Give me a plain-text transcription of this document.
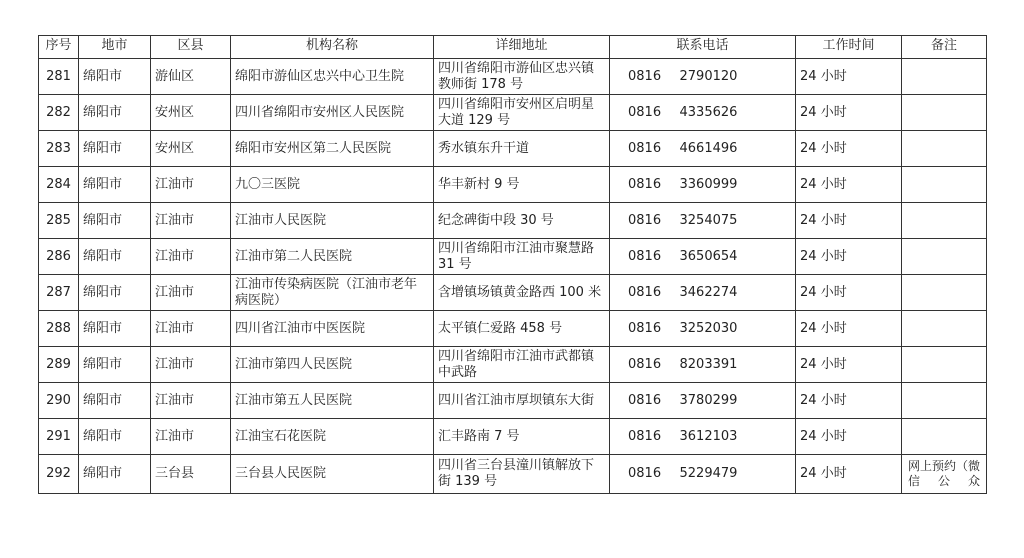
序号	地市	区县	机构名称	详细地址	联系电话		工作时间	备注
281	绵阳市	游仙区	绵阳市游仙区忠兴中心卫生院	四川省绵阳市游仙区忠兴镇教师街 178 号	0816	2790120	24 小时	
282	绵阳市	安州区	四川省绵阳市安州区人民医院	四川省绵阳市安州区启明星大道 129 号	0816	4335626	24 小时	
283	绵阳市	安州区	绵阳市安州区第二人民医院	秀水镇东升干道	0816	4661496	24 小时	
284	绵阳市	江油市	九〇三医院	华丰新村 9 号	0816	3360999	24 小时	
285	绵阳市	江油市	江油市人民医院	纪念碑街中段 30 号	0816	3254075	24 小时	
286	绵阳市	江油市	江油市第二人民医院	四川省绵阳市江油市聚慧路 31 号	0816	3650654	24 小时	
287	绵阳市	江油市	江油市传染病医院（江油市老年病医院）	含增镇场镇黄金路西 100 米	0816	3462274	24 小时	
288	绵阳市	江油市	四川省江油市中医医院	太平镇仁爱路 458 号	0816	3252030	24 小时	
289	绵阳市	江油市	江油市第四人民医院	四川省绵阳市江油市武都镇中武路	0816	8203391	24 小时	
290	绵阳市	江油市	江油市第五人民医院	四川省江油市厚坝镇东大街	0816	3780299	24 小时	
291	绵阳市	江油市	江油宝石花医院	汇丰路南 7 号	0816	3612103	24 小时	
292	绵阳市	三台县	三台县人民医院	四川省三台县潼川镇解放下街 139 号	0816	5229479	24 小时	网上预约（微信公众
